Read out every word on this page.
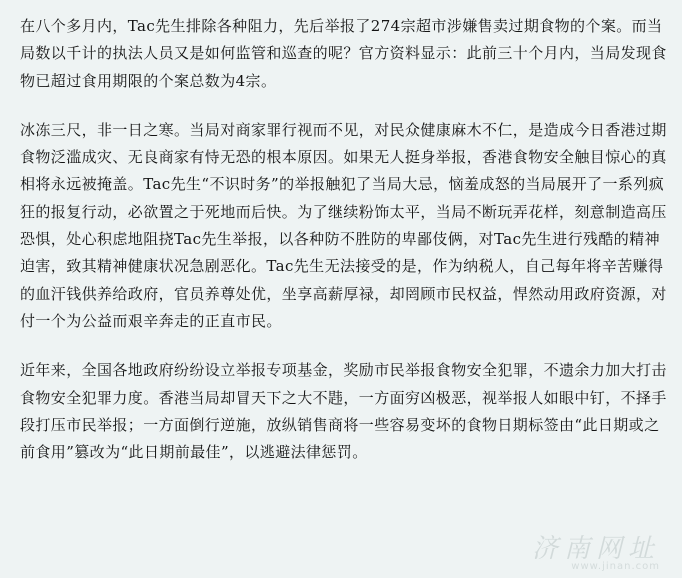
在八个多月内，Tac先生排除各种阻力，先后举报了274宗超市涉嫌售卖过期食物的个案。而当局数以千计的执法人员又是如何监管和巡查的呢？官方资料显示：此前三十个月内，当局发现食物已超过食用期限的个案总数为4宗。

冰冻三尺，非一日之寒。当局对商家罪行视而不见，对民众健康麻木不仁，是造成今日香港过期食物泛滥成灾、无良商家有恃无恐的根本原因。如果无人挺身举报，香港食物安全触目惊心的真相将永远被掩盖。Tac先生“不识时务”的举报触犯了当局大忌，恼羞成怒的当局展开了一系列疯狂的报复行动，必欲置之于死地而后快。为了继续粉饰太平，当局不断玩弄花样，刻意制造高压恐惧，处心积虑地阻挠Tac先生举报，以各种防不胜防的卑鄙伎俩，对Tac先生进行残酷的精神迫害，致其精神健康状况急剧恶化。Tac先生无法接受的是，作为纳税人，自己每年将辛苦赚得的血汗钱供养给政府，官员养尊处优，坐享高薪厚禄，却罔顾市民权益，悍然动用政府资源，对付一个为公益而艰辛奔走的正直市民。

近年来，全国各地政府纷纷设立举报专项基金，奖励市民举报食物安全犯罪，不遗余力加大打击食物安全犯罪力度。香港当局却冒天下之大不韪，一方面穷凶极恶，视举报人如眼中钉，不择手段打压市民举报；一方面倒行逆施，放纵销售商将一些容易变坏的食物日期标签由“此日期或之前食用”篡改为“此日期前最佳”，以逃避法律惩罚。

济南网址
www.jinan.com
